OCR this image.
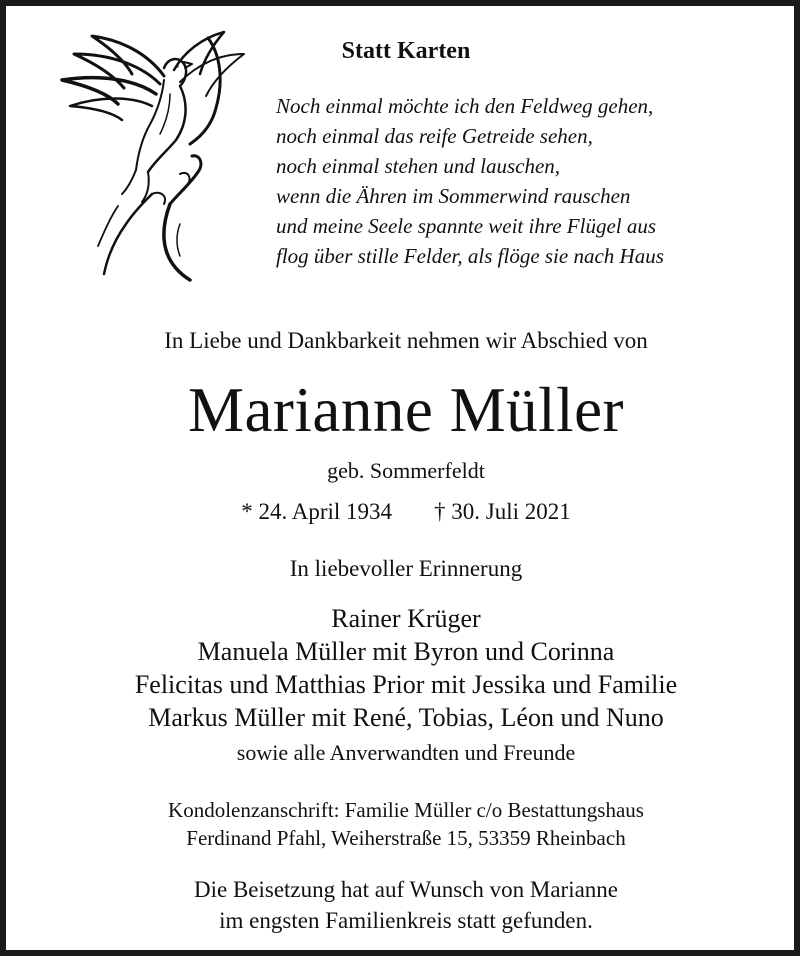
Statt Karten
Noch einmal möchte ich den Feldweg gehen,
noch einmal das reife Getreide sehen,
noch einmal stehen und lauschen,
wenn die Ähren im Sommerwind rauschen
und meine Seele spannte weit ihre Flügel aus
flog über stille Felder, als flöge sie nach Haus
In Liebe und Dankbarkeit nehmen wir Abschied von
Marianne Müller
geb. Sommerfeldt
* 24. April 1934 † 30. Juli 2021
In liebevoller Erinnerung
Rainer Krüger
Manuela Müller mit Byron und Corinna
Felicitas und Matthias Prior mit Jessika und Familie
Markus Müller mit René, Tobias, Léon und Nuno
sowie alle Anverwandten und Freunde
Kondolenzanschrift: Familie Müller c/o Bestattungshaus
Ferdinand Pfahl, Weiherstraße 15, 53359 Rheinbach
Die Beisetzung hat auf Wunsch von Marianne
im engsten Familienkreis statt gefunden.
